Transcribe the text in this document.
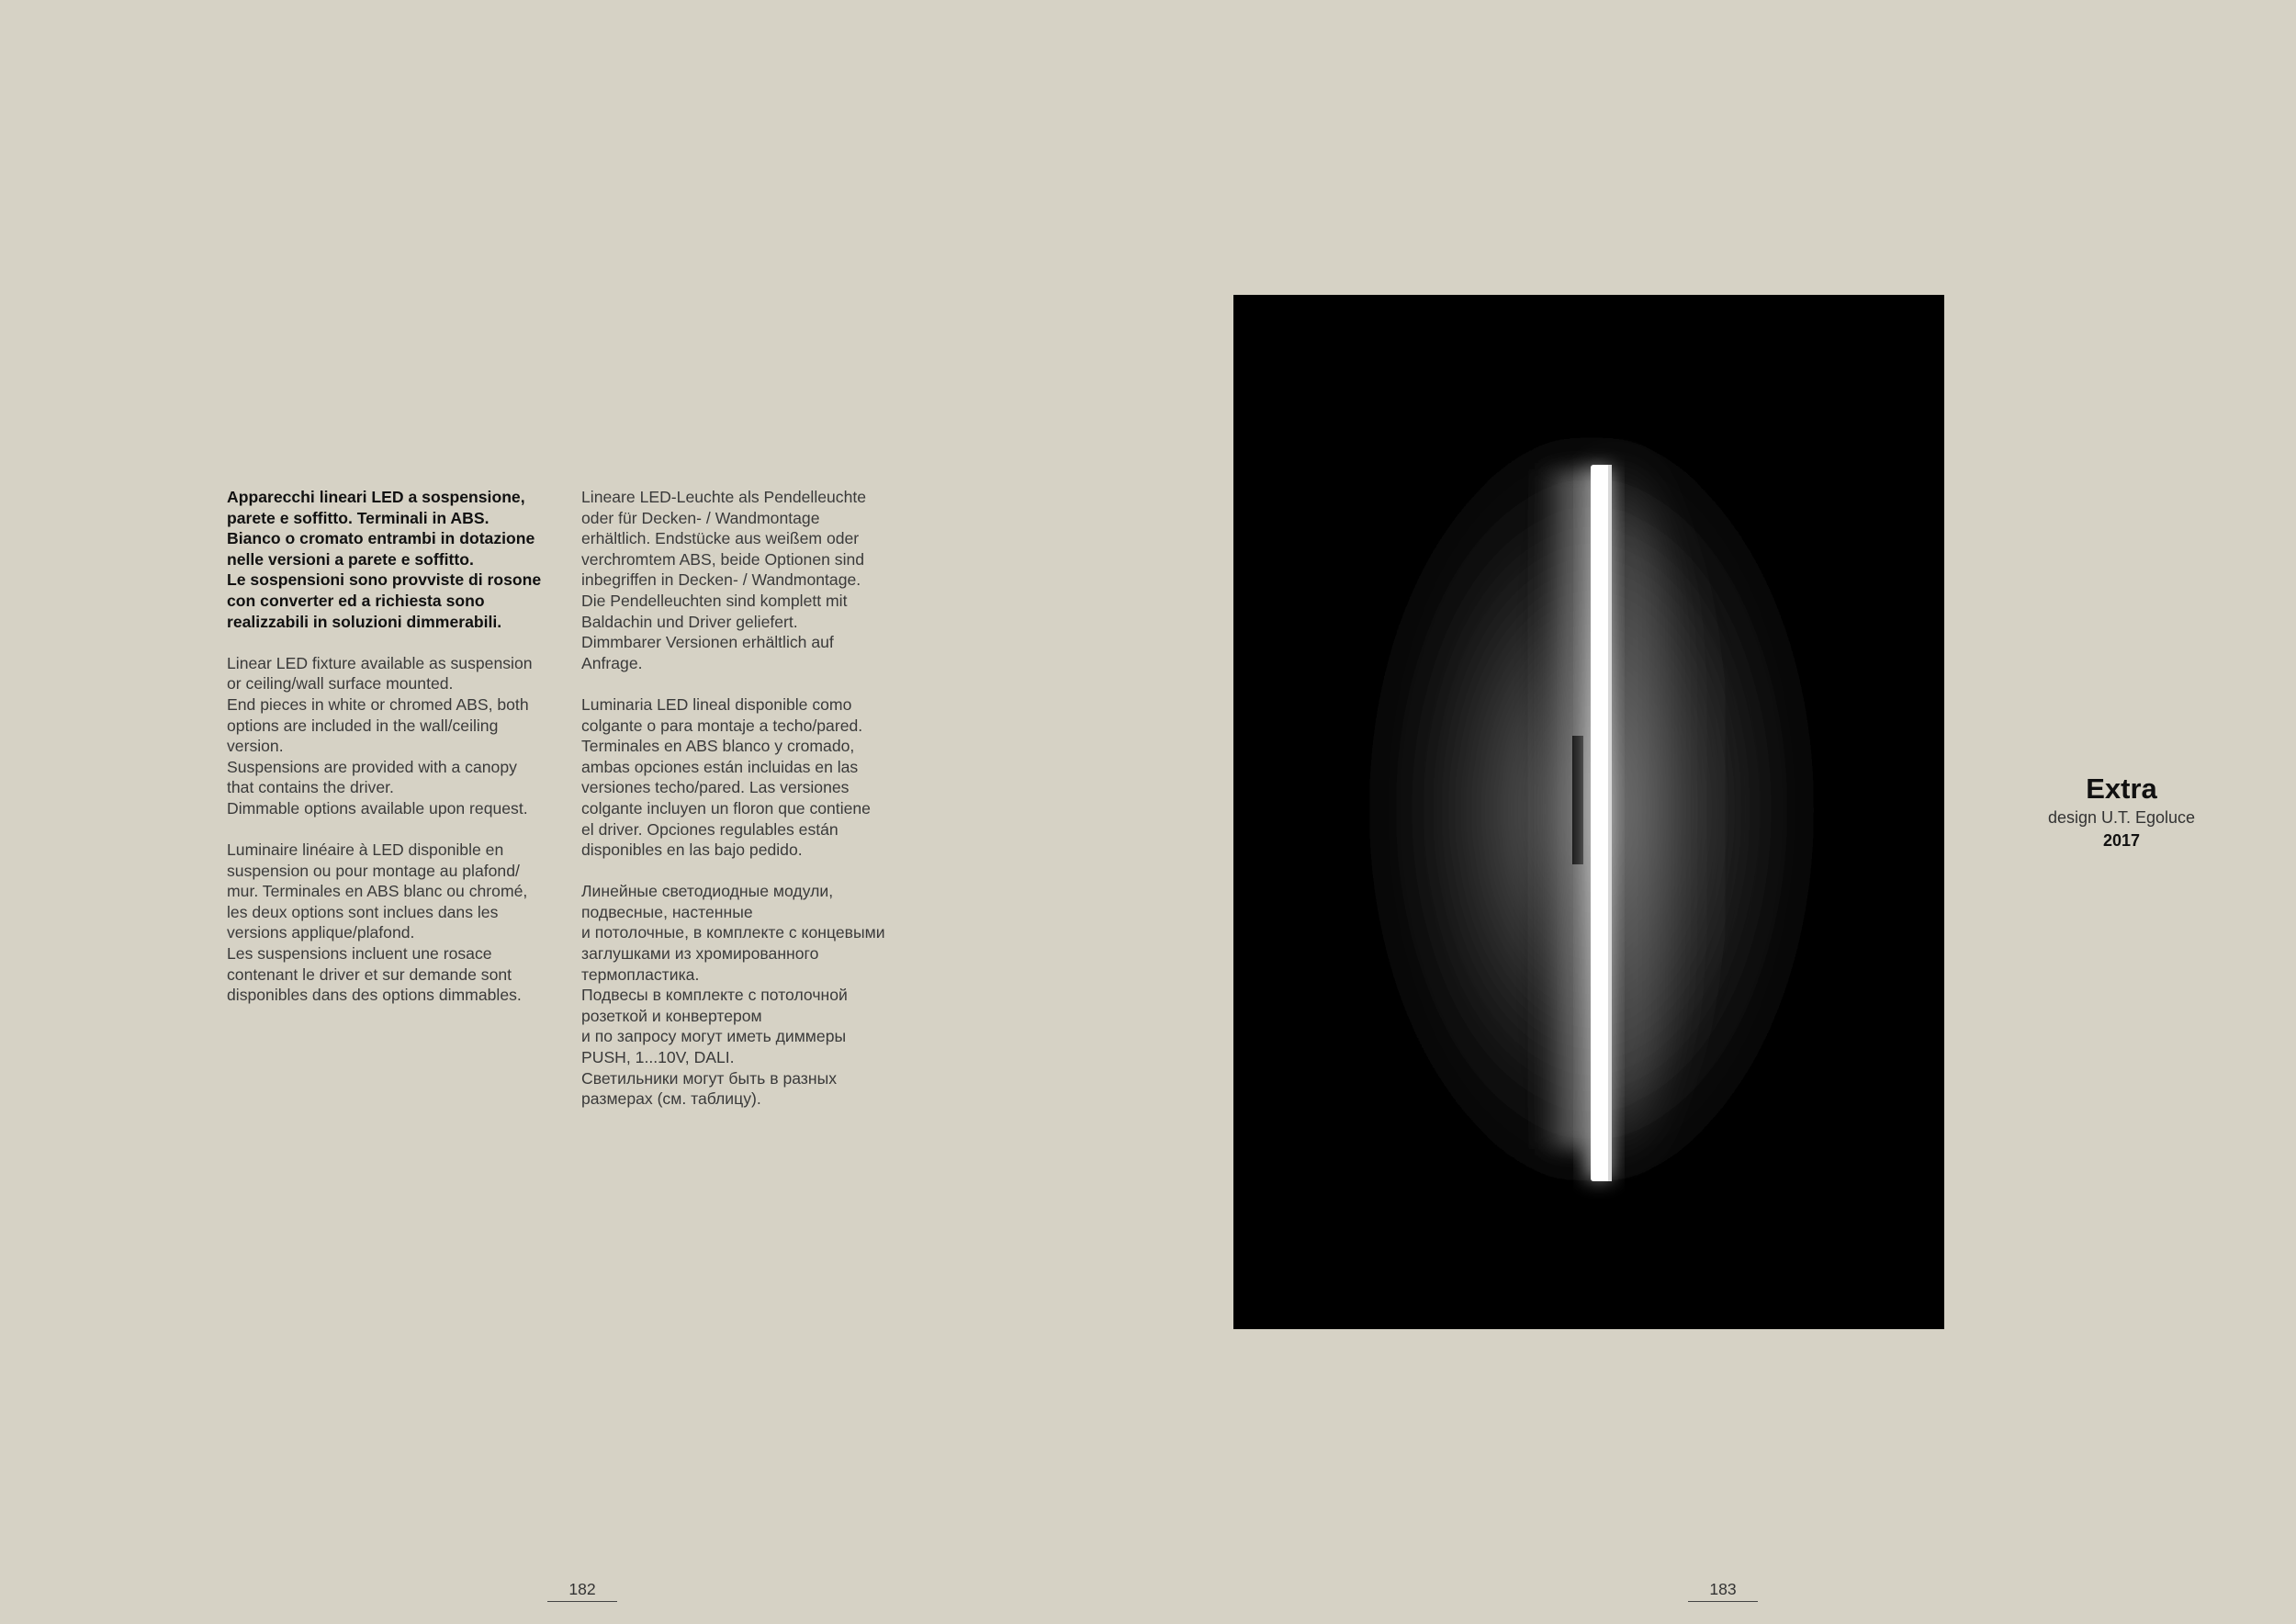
Apparecchi lineari LED a sospensione,
parete e soffitto. Terminali in ABS.
Bianco o cromato entrambi in dotazione
nelle versioni a parete e soffitto.
Le sospensioni sono provviste di rosone
con converter ed a richiesta sono
realizzabili in soluzioni dimmerabili.

Linear LED fixture available as suspension
or ceiling/wall surface mounted.
End pieces in white or chromed ABS, both
options are included in the wall/ceiling
version.
Suspensions are provided with a canopy
that contains the driver.
Dimmable options available upon request.

Luminaire linéaire à LED disponible en
suspension ou pour montage au plafond/
mur. Terminales en ABS blanc ou chromé,
les deux options sont inclues dans les
versions applique/plafond.
Les suspensions incluent une rosace
contenant le driver et sur demande sont
disponibles dans des options dimmables.

Lineare LED-Leuchte als Pendelleuchte
oder für Decken- / Wandmontage
erhältlich. Endstücke aus weißem oder
verchromtem ABS, beide Optionen sind
inbegriffen in Decken- / Wandmontage.
Die Pendelleuchten sind komplett mit
Baldachin und Driver geliefert.
Dimmbarer Versionen erhältlich auf
Anfrage.

Luminaria LED lineal disponible como
colgante o para montaje a techo/pared.
Terminales en ABS blanco y cromado,
ambas opciones están incluidas en las
versiones techo/pared. Las versiones
colgante incluyen un floron que contiene
el driver. Opciones regulables están
disponibles en las bajo pedido.

Линейные светодиодные модули,
подвесные, настенные
и потолочные, в комплекте с концевыми
заглушками из хромированного
термопластика.
Подвесы в комплекте с потолочной
розеткой и конвертером
и по запросу могут иметь диммеры
PUSH, 1...10V, DALI.
Светильники могут быть в разных
размерах (см. таблицу).

Extra
design U.T. Egoluce
2017
182	183
